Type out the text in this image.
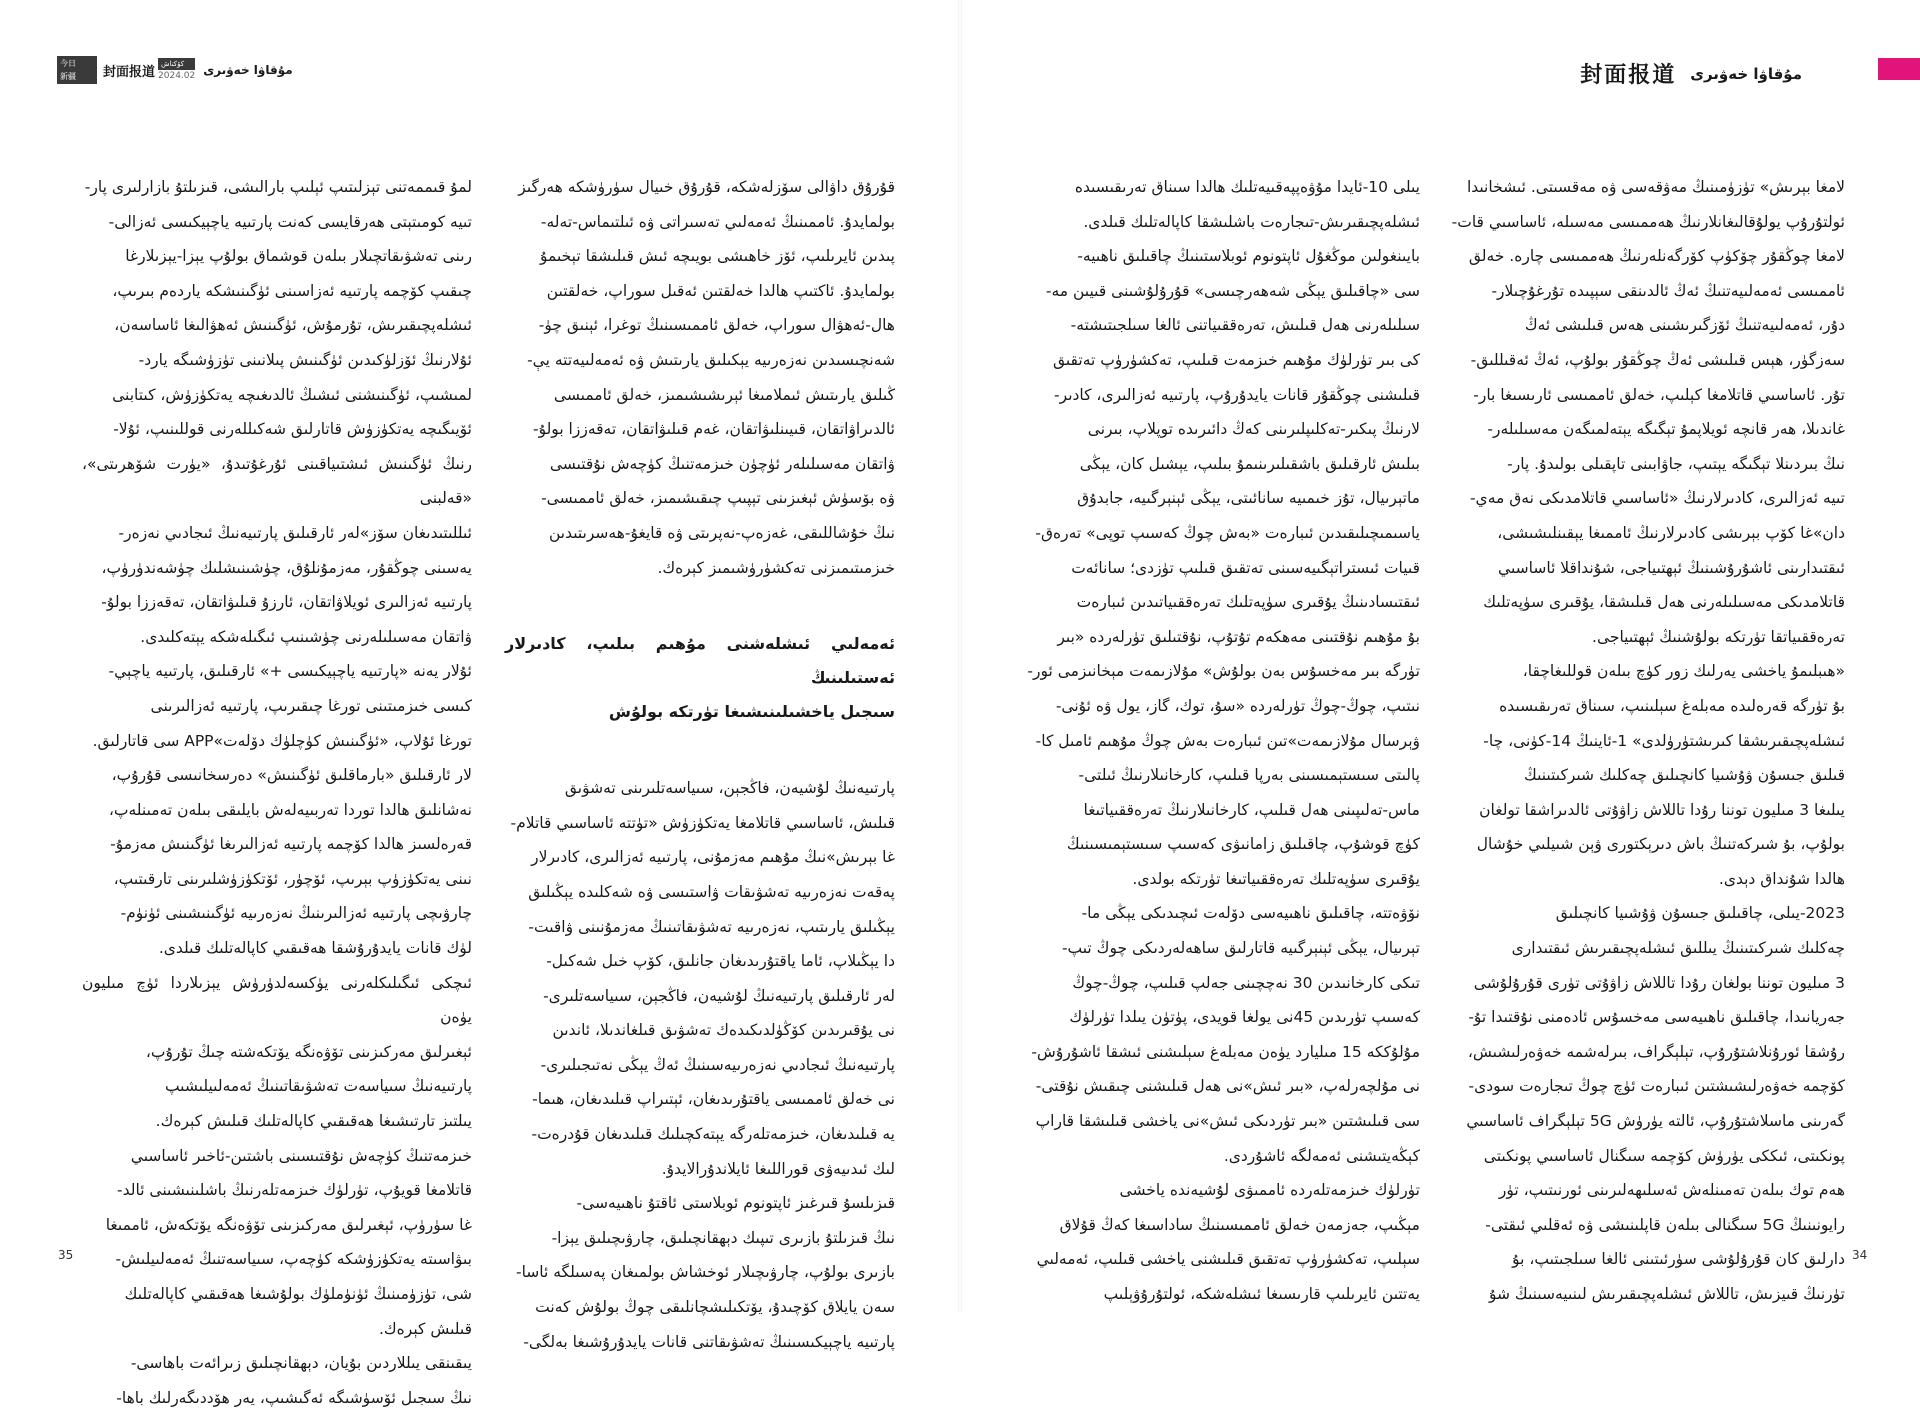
今日
新疆	封面报道
كۆكتاش
2024.02 مۇقاۋا خەۋىرى

قۇرۇق داۋالى سۆزلەشكە، قۇرۇق خىيال سۈرۈشكە ھەرگىز

بولمايدۇ. ئاممىنىڭ ئەمەلىي تەسىراتى ۋە ئىلتىماس-تەلە-

پىدىن ئايرىلىپ، ئۆز خاھىشى بويىچە ئىش قىلىشقا تېخىمۇ

بولمايدۇ. ئاكتىپ ھالدا خەلقتىن ئەقىل سوراپ، خەلقتىن

ھال-ئەھۋال سوراپ، خەلق ئاممىسىنىڭ توغرا، ئېنىق چۈ-

شەنچىسىدىن نەزەرىيە يېكىلىق يارىتىش ۋە ئەمەلىيەتتە يې-

ڭىلىق يارىتىش ئىملامىغا ئېرىشىشىمىز، خەلق ئاممىسى

ئالدىراۋاتقان، قىيىنلىۋاتقان، غەم قىلىۋاتقان، تەقەززا بولۇ-

ۋاتقان مەسىلىلەر ئۈچۈن خىزمەتنىڭ كۈچەش نۇقتىسى

ۋە بۆسۈش ئېغىزىنى تېپىپ چىقىشىمىز، خەلق ئاممىسى-

نىڭ خۇشاللىقى، غەزەپ-نەپرىتى ۋە قايغۇ-ھەسرىتىدىن

خىزمىتىمىزنى تەكشۈرۈشىمىز كېرەك.

ئەمەلىي ئىشلەشنى مۇھىم بىلىپ، كادىرلار ئەستىلىنىڭ
سىجىل ياخشىلىنىشىغا تۈرتكە بولۇش

پارتىيەنىڭ لۇشيەن، فاڭجېن، سىياسەتلىرىنى تەشۋىق

قىلىش، ئاساسىي قاتلامغا يەتكۈزۈش «تۈتتە ئاساسىي قاتلام-

غا بېرىش»نىڭ مۇھىم مەزمۇنى، پارتىيە ئەزالىرى، كادىرلار

پەقەت نەزەرىيە تەشۋىقات ۋاستىسى ۋە شەكلىدە يېڭىلىق

يېڭىلىق يارىتىپ، نەزەرىيە تەشۋىقاتىنىڭ مەزمۇنىنى ۋاقىت-

دا يېڭىلاپ، ئاما ياقتۇرىدىغان جانلىق، كۆپ خىل شەكىل-

لەر ئارقىلىق پارتىيەنىڭ لۇشيەن، فاڭجېن، سىياسەتلىرى-

نى يۇقىرىدىن كۆڭۈلدىكىدەك تەشۋىق قىلغاندىلا، ئاندىن

پارتىيەنىڭ ئىجادىي نەزەرىيەسىنىڭ ئەڭ يېڭى نەتىجىلىرى-

نى خەلق ئاممىسى ياقتۇرىدىغان، ئېتىراپ قىلىدىغان، ھىما-

يە قىلىدىغان، خىزمەتلەرگە يېتەكچىلىك قىلىدىغان قۇدرەت-

لىك ئىدىيەۋى قوراللىغا ئايلاندۇرالايدۇ.

قىزىلسۇ قىرغىز ئاپتونوم ئوبلاستى ئاقتۇ ناھىيەسى-

نىڭ قىزىلتۇ بازىرى تىپىك دېھقانچىلىق، چارۋىچىلىق يېزا-

بازىرى بولۇپ، چارۋىچىلار ئوخشاش بولمىغان پەسىلگە ئاسا-

سەن يايلاق كۆچىدۇ، يۆتكىلىشچانلىقى چوڭ بولۇش كەنت

پارتىيە ياچېيكىسىنىڭ تەشۋىقاتنى قانات يايدۇرۇشىغا بەلگى-

لمۇ قىممەتنى تېزلىتىپ ئېلىپ بارالىشى، قىزىلتۇ بازارلىرى پار-

تىيە كومىتېتى ھەرقايسى كەنت پارتىيە ياچېيكىسى ئەزالى-

رىنى تەشۋىقاتچىلار بىلەن قوشماق بولۇپ يېزا-يېزىلارغا

چىقىپ كۆچمە پارتىيە ئەزاسىنى ئۈگىنىشكە ياردەم بىرىپ،

ئىشلەپچىقىرىش، تۇرمۇش، ئۈگىنىش ئەھۋالىغا ئاساسەن،

ئۇلارنىڭ ئۆزلۈكىدىن ئۈگىنىش پىلانىنى تۈزۈشىگە يارد-

لمىشىپ، ئۈگىنىشنى ئىشىڭ ئالدىغىچە يەتكۈزۈش، كىتابنى

ئۆيىگىچە يەتكۈزۈش قاتارلىق شەكىللەرنى قوللىنىپ، ئۇلا-

رنىڭ ئۈگىنىش ئىشتىياقىنى ئۇرغۇتىدۇ، «يۈرت شۆھرىتى»، «قەلبنى

ئىللىتىدىغان سۆز»لەر ئارقىلىق پارتىيەنىڭ ئىجادىي نەزەر-

يەسىنى چوڭقۇر، مەزمۇنلۇق، چۈشىنىشلىك چۈشەندۈرۈپ،

پارتىيە ئەزالىرى ئويلاۋاتقان، ئارزۇ قىلىۋاتقان، تەقەززا بولۇ-

ۋاتقان مەسىلىلەرنى چۈشىنىپ ئىگىلەشكە يېتەكلىدى.

ئۇلار يەنە «پارتىيە ياچېيكىسى +» ئارقىلىق، پارتىيە ياچېي-

كىسى خىزمىتىنى تورغا چىقىرىپ، پارتىيە ئەزالىرىنى

تورغا ئۇلاپ، «ئۈگىنىش كۈچلۈك دۆلەت»APP سى قاتارلىق.

لار ئارقىلىق «بارماقلىق ئۈگىنىش» دەرسخانىسى قۇرۇپ،

نەشانلىق ھالدا توردا تەربىيەلەش بايلىقى بىلەن تەمىنلەپ،

قەرەلسىز ھالدا كۆچمە پارتىيە ئەزالىرىغا ئۈگىنىش مەزمۇ-

نىنى يەتكۈزۈپ بېرىپ، ئۆچۈر، ئۆتكۈزۈشلىرىنى تارقىتىپ،

چارۋىچى پارتىيە ئەزالىرىنىڭ نەزەرىيە ئۈگىنىشىنى ئۈنۈم-

لۈك قانات يايدۇرۇشقا ھەقىقىي كاپالەتلىك قىلدى.

ئىچكى ئىگىلىكلەرنى يۈكسەلدۈرۈش يېزىلاردا ئۈچ مىليون يۈەن

ئېغىرلىق مەركىزىنى تۆۋەنگە يۆتكەشتە چىڭ تۇرۇپ،

پارتىيەنىڭ سىياسەت تەشۋىقاتىنىڭ ئەمەلىيلىشىپ

يىلتىز تارتىشىغا ھەقىقىي كاپالەتلىك قىلىش كېرەك.

خىزمەتنىڭ كۈچەش نۇقتىسىنى باشتىن-ئاخىر ئاساسىي

قاتلامغا قويۇپ، تۈرلۈك خىزمەتلەرنىڭ باشلىنىشىنى ئالد-

غا سۈرۈپ، ئېغىرلىق مەركىزىنى تۆۋەنگە يۆتكەش، ئاممىغا

بىۋاسىتە يەتكۈزۈشكە كۈچەپ، سىياسەتنىڭ ئەمەلىيلىش-

شى، تۈزۈمىنىڭ ئۈنۈملۈك بولۇشىغا ھەقىقىي كاپالەتلىك

قىلىش كېرەك.

يىقىنقى يىللاردىن بۇيان، دېھقانچىلىق زىرائەت باھاسى-

نىڭ سىجىل ئۆسۈشىگە ئەگىشىپ، يەر ھۆددىگەرلىك باھا-

35
封面报道 مۇقاۋا خەۋىرى

يىلى 10-ئايدا مۇۋەپپەقىيەتلىك ھالدا سىناق تەرىقىسىدە

ئىشلەپچىقىرىش-تىجارەت باشلىشقا كاپالەتلىك قىلدى.

بايىنغولىن موڭغۇل ئاپتونوم ئوبلاستىنىڭ چاقىلىق ناھىيە-

سى «چاقىلىق يېڭى شەھەرچىسى» قۇرۇلۇشىنى قىيىن مە-

سىلىلەرنى ھەل قىلىش، تەرەققىياتنى ئالغا سىلجىتىشتە-

كى بىر تۈرلۈك مۇھىم خىزمەت قىلىپ، تەكشۈرۈپ تەتقىق

قىلىشنى چوڭقۇر قانات يايدۇرۇپ، پارتىيە ئەزالىرى، كادىر-

لارنىڭ پىكىر-تەكلىپلىرىنى كەڭ دائىرىدە توپلاپ، بىرنى

بىلىش ئارقىلىق باشقىلىرىنىمۇ بىلىپ، يېشىل كان، يېڭى

ماتېرىيال، تۇز خىمىيە سانائىتى، يېڭى ئېنېرگىيە، جابدۇق

ياسىمىچىلىقىدىن ئىبارەت «بەش چوڭ كەسىپ توپى» تەرەق-

قىيات ئىستراتېگىيەسىنى تەتقىق قىلىپ تۈزدى؛ سانائەت

ئىقتىسادىنىڭ يۇقىرى سۈپەتلىك تەرەققىياتىدىن ئىبارەت

بۇ مۇھىم نۇقتىنى مەھكەم تۇتۇپ، نۇقتىلىق تۈرلەردە «بىر

تۈرگە بىر مەخسۇس بەن بولۇش» مۇلازىمەت مېخانىزمى ئور-

نىتىپ، چوڭ-چوڭ تۈرلەردە «سۇ، توك، گاز، يول ۋە ئۇنى-

ۋېرسال مۇلازىمەت»تىن ئىبارەت بەش چوڭ مۇھىم ئامىل كا-

پالىتى سىستېمىسىنى بەرپا قىلىپ، كارخانىلارنىڭ ئىلتى-

ماس-تەلىپىنى ھەل قىلىپ، كارخانىلارنىڭ تەرەققىياتىغا

كۈچ قوشۇپ، چاقىلىق زامانىۋى كەسىپ سىستېمىسىنىڭ

يۇقىرى سۈپەتلىك تەرەققىياتىغا تۈرتكە بولدى.

نۆۋەتتە، چاقىلىق ناھىيەسى دۆلەت ئىچىدىكى يېڭى ما-

تېرىيال، يېڭى ئېنېرگىيە قاتارلىق ساھەلەردىكى چوڭ تىپ-

تىكى كارخانىدىن 30 نەچچىنى جەلپ قىلىپ، چوڭ-چوڭ

كەسىپ تۈرىدىن 45نى يولغا قويدى، پۈتۈن يىلدا تۈرلۈك

مۇلۇككە 15 مىليارد يۈەن مەبلەغ سېلىشنى ئىشقا ئاشۇرۇش-

نى مۇلچەرلەپ، «بىر ئىش»نى ھەل قىلىشنى چىقىش نۇقتى-

سى قىلىشتىن «بىر تۈردىكى ئىش»نى ياخشى قىلىشقا قاراپ

كېڭەيتىشنى ئەمەلگە ئاشۇردى.

تۈرلۈك خىزمەتلەردە ئاممىۋى لۇشيەندە ياخشى

مېڭىپ، جەزمەن خەلق ئاممىسىنىڭ ساداسىغا كەڭ قۇلاق

سېلىپ، تەكشۈرۈپ تەتقىق قىلىشنى ياخشى قىلىپ، ئەمەلىي

يەتتىن ئايرىلىپ قارىسىغا ئىشلەشكە، ئولتۇرۇۋېلىپ

لامغا بېرىش» تۈزۈمىنىڭ مەۋقەسى ۋە مەقسىتى. ئىشخانىدا

ئولتۇرۇپ يولۇقالىغانلارنىڭ ھەممىسى مەسىلە، ئاساسىي قات-

لامغا چوڭقۇر چۆكۈپ كۆرگەنلەرنىڭ ھەممىسى چارە. خەلق

ئاممىسى ئەمەلىيەتنىڭ ئەڭ ئالدىنقى سېپىدە تۇرغۇچىلار-

دۇر، ئەمەلىيەتنىڭ ئۆزگىرىشىنى ھەس قىلىشى ئەڭ

سەزگۈر، ھېس قىلىشى ئەڭ چوڭقۇر بولۇپ، ئەڭ ئەقىللىق-

تۇر. ئاساسىي قاتلامغا كېلىپ، خەلق ئاممىسى ئارىسىغا بار-

غاندىلا، ھەر قانچە ئويلاپمۇ تېگىگە يېتەلمىگەن مەسىلىلەر-

نىڭ بىردىنلا تېگىگە يېتىپ، جاۋابىنى تاپقىلى بولىدۇ. پار-

تىيە ئەزالىرى، كادىرلارنىڭ «ئاساسىي قاتلامدىكى نەق مەي-

دان»غا كۆپ بېرىشى كادىرلارنىڭ ئاممىغا يېقىنلىشىشى،

ئىقتىدارىنى ئاشۇرۇشىنىڭ ئېھتىياجى، شۇنداقلا ئاساسىي

قاتلامدىكى مەسىلىلەرنى ھەل قىلىشقا، يۇقىرى سۈپەتلىك

تەرەققىياتقا تۈرتكە بولۇشنىڭ ئېھتىياجى.

«ھىبلىمۇ ياخشى يەرلىك زور كۈچ بىلەن قوللىغاچقا،

بۇ تۈرگە قەرەلىدە مەبلەغ سېلىنىپ، سىناق تەرىقىسىدە

ئىشلەپچىقىرىشقا كىرىشتۈرۈلدى» 1-ئاينىڭ 14-كۈنى، چا-

قىلىق جىسۇن ۋۇشىيا كانچىلىق چەكلىك شىركىتىنىڭ

يىلىغا 3 مىليون توننا رۇدا تاللاش زاۋۇتى ئالدىراشقا تولغان

بولۇپ، بۇ شىركەتنىڭ باش دىرېكتورى ۋېن شىيلىي خۇشال

ھالدا شۇنداق دېدى.

2023-يىلى، چاقىلىق جىسۇن ۋۇشىيا كانچىلىق

چەكلىك شىركىتىنىڭ يىللىق ئىشلەپچىقىرىش ئىقتىدارى

3 مىليون توننا بولغان رۇدا تاللاش زاۋۇتى تۈرى قۇرۇلۇشى

جەريانىدا، چاقىلىق ناھىيەسى مەخسۇس ئادەمنى نۇقتىدا تۇ-

رۇشقا ئورۇنلاشتۇرۇپ، تېلېگراف، بىرلەشمە خەۋەرلىشىش،

كۆچمە خەۋەرلىشىشتىن ئىبارەت ئۈچ چوڭ تىجارەت سودى-

گەرىنى ماسلاشتۇرۇپ، ئالتە يۈرۈش 5G تېلېگراف ئاساسىي

پونكىتى، ئىككى يۈرۈش كۆچمە سىگنال ئاساسىي پونكىتى

ھەم توك بىلەن تەمىنلەش ئەسلىھەلىرىنى ئورنىتىپ، تۈر

رايونىنىڭ 5G سىگنالى بىلەن قاپلىنىشى ۋە ئەقلىي ئىقتى-

دارلىق كان قۇرۇلۇشى سۈرئىتىنى ئالغا سىلجىتىپ، بۇ

تۈرنىڭ قىيزىش، تاللاش ئىشلەپچىقىرىش لىنىيەسىنىڭ شۇ

34
